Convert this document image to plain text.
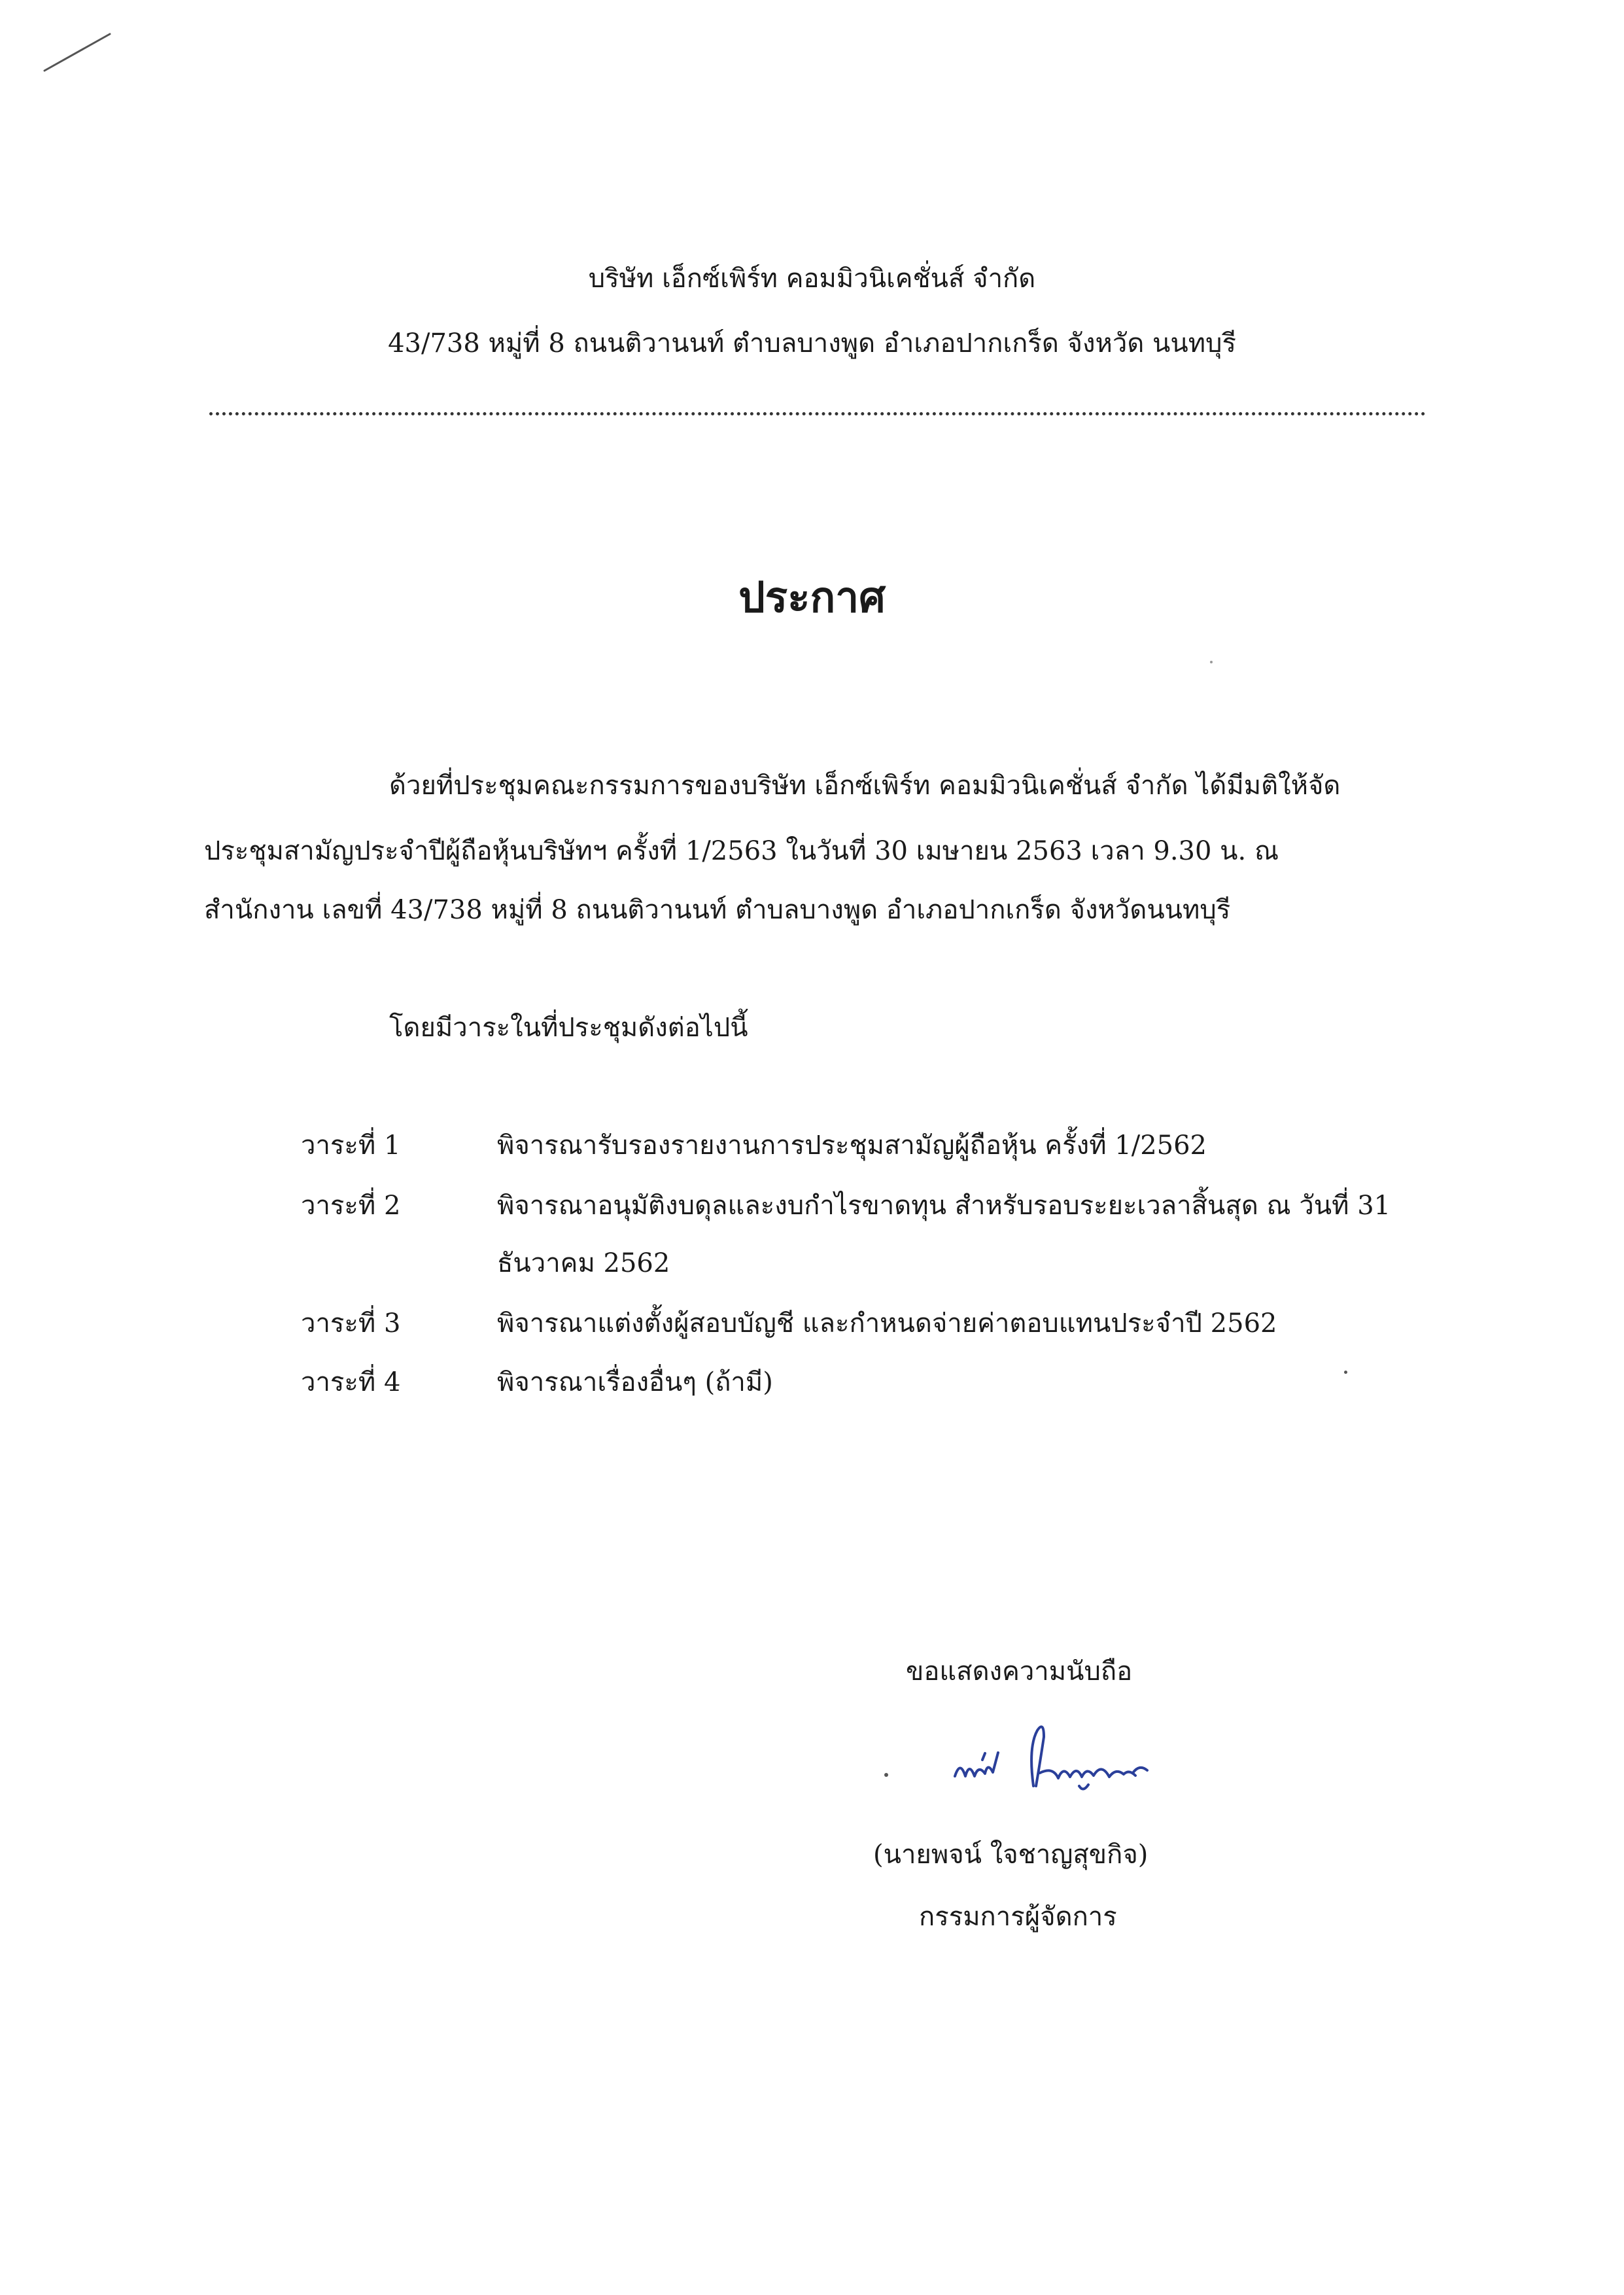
บริษัท เอ็กซ์เพิร์ท คอมมิวนิเคชั่นส์ จำกัด
43/738 หมู่ที่ 8 ถนนติวานนท์ ตำบลบางพูด อำเภอปากเกร็ด จังหวัด นนทบุรี
ประกาศ
ด้วยที่ประชุมคณะกรรมการของบริษัท เอ็กซ์เพิร์ท คอมมิวนิเคชั่นส์ จำกัด ได้มีมติให้จัด
ประชุมสามัญประจำปีผู้ถือหุ้นบริษัทฯ ครั้งที่ 1/2563 ในวันที่ 30 เมษายน 2563 เวลา 9.30 น. ณ
สำนักงาน เลขที่ 43/738 หมู่ที่ 8 ถนนติวานนท์ ตำบลบางพูด อำเภอปากเกร็ด จังหวัดนนทบุรี
โดยมีวาระในที่ประชุมดังต่อไปนี้
วาระที่ 1	พิจารณารับรองรายงานการประชุมสามัญผู้ถือหุ้น ครั้งที่ 1/2562
วาระที่ 2	พิจารณาอนุมัติงบดุลและงบกำไรขาดทุน สำหรับรอบระยะเวลาสิ้นสุด ณ วันที่ 31
ธันวาคม 2562
วาระที่ 3	พิจารณาแต่งตั้งผู้สอบบัญชี และกำหนดจ่ายค่าตอบแทนประจำปี 2562
วาระที่ 4	พิจารณาเรื่องอื่นๆ (ถ้ามี)
ขอแสดงความนับถือ
(นายพจน์ ใจชาญสุขกิจ)
กรรมการผู้จัดการ
